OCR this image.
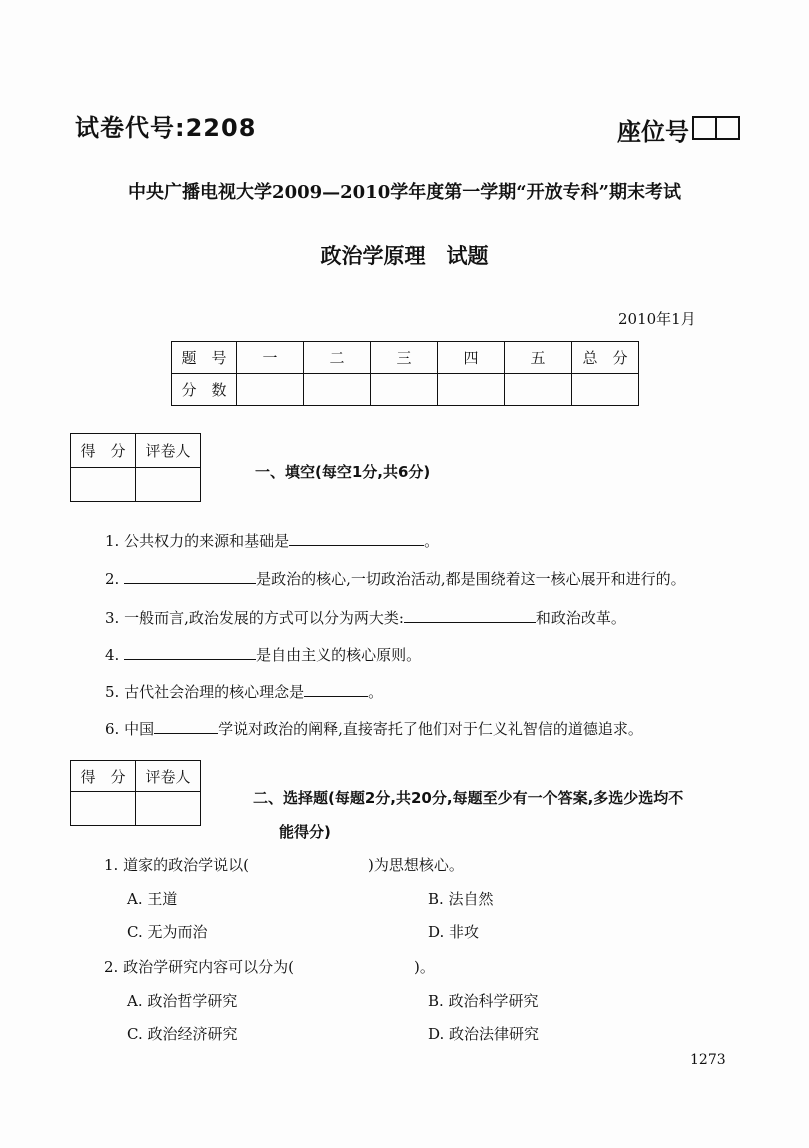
试卷代号:2208	座位号
中央广播电视大学2009—2010学年度第一学期“开放专科”期末考试
政治学原理　试题
2010年1月
题　号	一	二	三	四	五	总　分
分　数						
得　分	评卷人

一、填空(每空1分,共6分)
1. 公共权力的来源和基础是	。
2.	是政治的核心,一切政治活动,都是围绕着这一核心展开和进行的。
3. 一般而言,政治发展的方式可以分为两大类:	和政治改革。
4.	是自由主义的核心原则。
5. 古代社会治理的核心理念是	。
6. 中国	学说对政治的阐释,直接寄托了他们对于仁义礼智信的道德追求。
得　分	评卷人

二、选择题(每题2分,共20分,每题至少有一个答案,多选少选均不
能得分)
1. 道家的政治学说以(	)为思想核心。
A. 王道	B. 法自然
C. 无为而治	D. 非攻
2. 政治学研究内容可以分为(	)。
A. 政治哲学研究	B. 政治科学研究
C. 政治经济研究	D. 政治法律研究
1273
